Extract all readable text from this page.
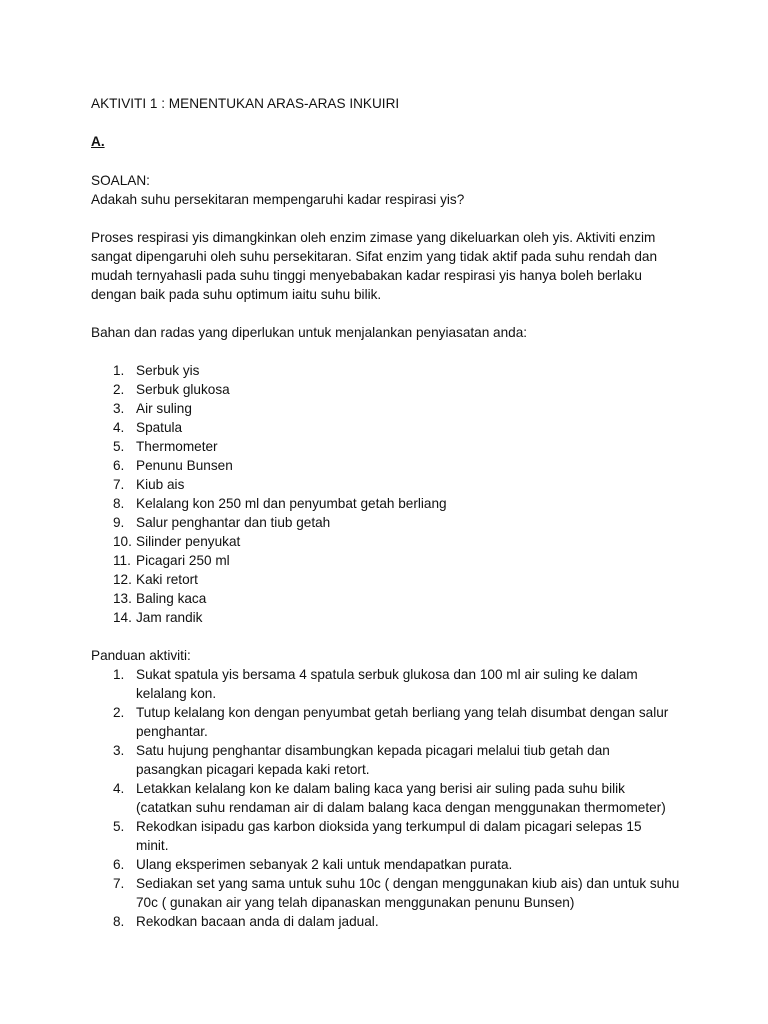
AKTIVITI 1 : MENENTUKAN ARAS-ARAS INKUIRI

A.

SOALAN:

Adakah suhu persekitaran mempengaruhi kadar respirasi yis?

Proses respirasi yis dimangkinkan oleh enzim zimase yang dikeluarkan oleh yis. Aktiviti enzim

sangat dipengaruhi oleh suhu persekitaran. Sifat enzim yang tidak aktif pada suhu rendah dan

mudah ternyahasli pada suhu tinggi menyebabakan kadar respirasi yis hanya boleh berlaku

dengan baik pada suhu optimum iaitu suhu bilik.

Bahan dan radas yang diperlukan untuk menjalankan penyiasatan anda:

1. Serbuk yis
2. Serbuk glukosa
3. Air suling
4. Spatula
5. Thermometer
6. Penunu Bunsen
7. Kiub ais
8. Kelalang kon 250 ml dan penyumbat getah berliang
9. Salur penghantar dan tiub getah
10. Silinder penyukat
11. Picagari 250 ml
12. Kaki retort
13. Baling kaca
14. Jam randik

Panduan aktiviti:

1. Sukat spatula yis bersama 4 spatula serbuk glukosa dan 100 ml air suling ke dalam
kelalang kon.
2. Tutup kelalang kon dengan penyumbat getah berliang yang telah disumbat dengan salur
penghantar.
3. Satu hujung penghantar disambungkan kepada picagari melalui tiub getah dan
pasangkan picagari kepada kaki retort.
4. Letakkan kelalang kon ke dalam baling kaca yang berisi air suling pada suhu bilik
(catatkan suhu rendaman air di dalam balang kaca dengan menggunakan thermometer)
5. Rekodkan isipadu gas karbon dioksida yang terkumpul di dalam picagari selepas 15
minit.
6. Ulang eksperimen sebanyak 2 kali untuk mendapatkan purata.
7. Sediakan set yang sama untuk suhu 10c ( dengan menggunakan kiub ais) dan untuk suhu
70c ( gunakan air yang telah dipanaskan menggunakan penunu Bunsen)
8. Rekodkan bacaan anda di dalam jadual.
